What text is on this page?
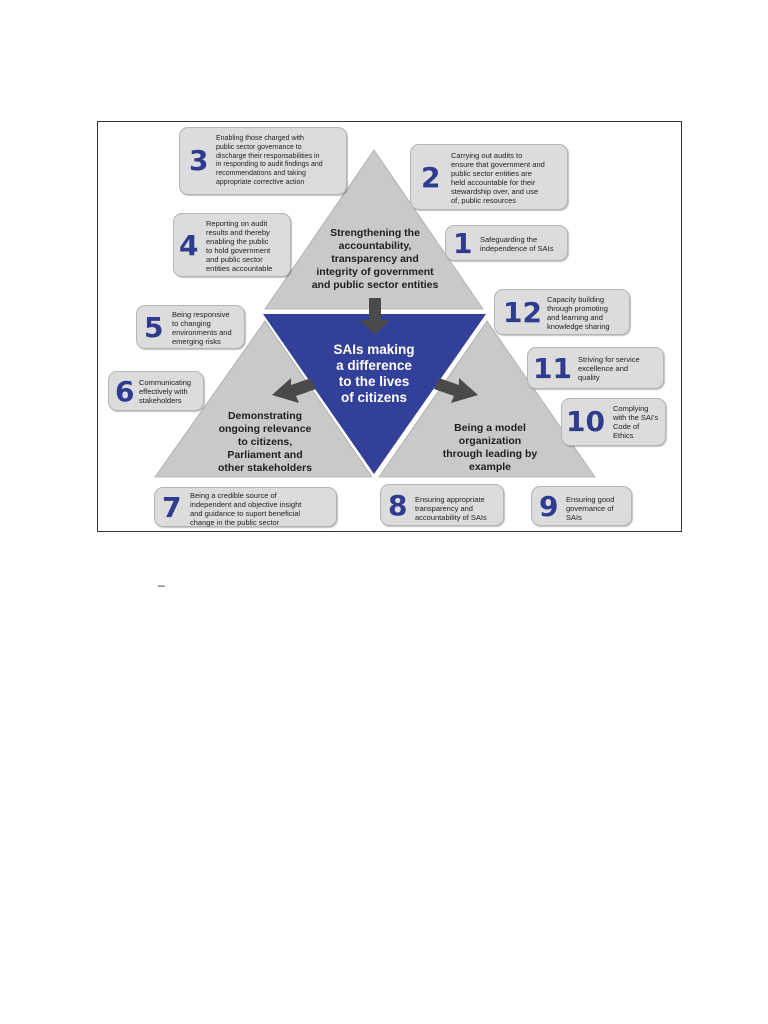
Strengthening the
accountability,
transparency and
integrity of government
and public sector entities
Demonstrating
ongoing relevance
to citizens,
Parliament and
other stakeholders
Being a model
organization
through leading by
example
SAIs making
a difference
to the lives
of citizens
3
Enabling those charged with
public sector governance to
discharge their responsabilities in
in responding to audit findings and
recommendations and taking
appropriate corrective action	2
Carrying out audits to
ensure that government and
public sector entities are
held accountable for their
stewardship over, and use
of, public resources
4
Reporting on audit
results and thereby
enabling the public
to hold government
and public sector
entities accountable
1 Safeguarding the
independence of SAIs
12 Capacity building
through promoting
and learning and
knowledge sharing
5 Being responsive
to changing
environments and
emerging risks
11 Striving for service
excellence and
quality
6 Communicating
effectively with
stakeholders
10 Complying
with the SAI's
Code of
Ethics
7 Being a credible source of
independent and objective insight
and guidance to suport beneficial
change in the public sector
8 Ensuring appropriate
transparency and
accountability of SAIs	9 Ensuring good
governance of
SAIs
–
